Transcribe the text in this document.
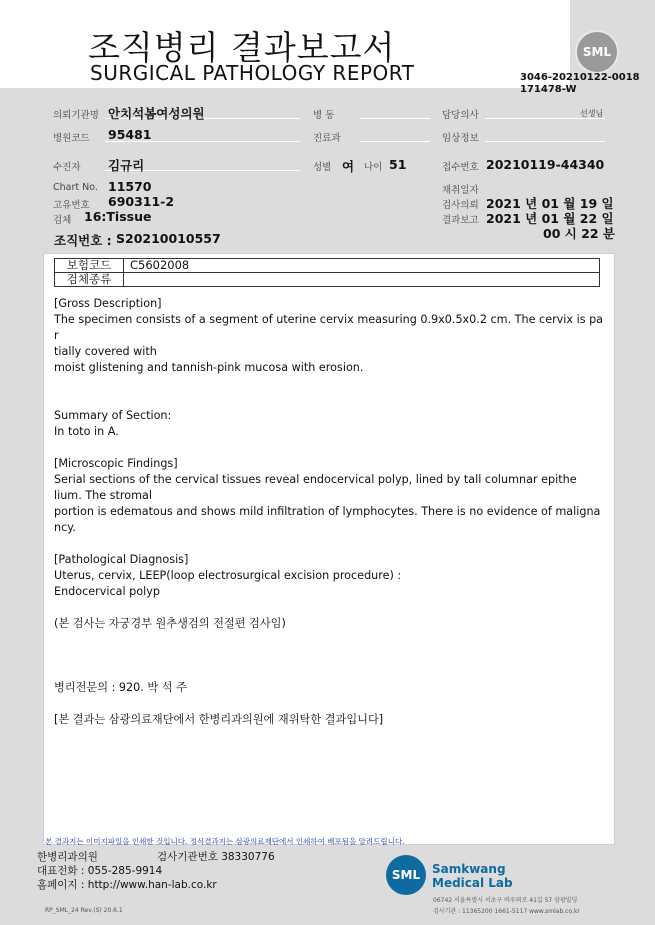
조직병리 결과보고서
SURGICAL PATHOLOGY REPORT
SML
3046-20210122-0018
171478-W
의뢰기관명 안치석봄여성의원	병 동	담당의사	선생님
병원코드 95481	진료과	임상정보
수진자 김규리	성별 여 나이 51	접수번호 20210119-44340
Chart No. 11570
고유번호 690311-2
검체 16:Tissue
채취일자
검사의뢰 2021 년 01 월 19 일
결과보고 2021 년 01 월 22 일
00 시 22 분
조직번호 : S20210010557
보험코드	C5602008
검체종류	

[Gross Description]

The specimen consists of a segment of uterine cervix measuring 0.9x0.5x0.2 cm. The cervix is par
tially covered with
moist glistening and tannish-pink mucosa with erosion.

Summary of Section:

In toto in A.

[Microscopic Findings]

Serial sections of the cervical tissues reveal endocervical polyp, lined by tall columnar epithe
lium. The stromal
portion is edematous and shows mild infiltration of lymphocytes. There is no evidence of maligna
ncy.

[Pathological Diagnosis]

Uterus, cervix, LEEP(loop electrosurgical excision procedure) :
Endocervical polyp

(본 검사는 자궁경부 원추생검의 전절편 검사임)

병리전문의 : 920. 박 석 주

[본 결과는 삼광의료재단에서 한병리과의원에 재위탁한 결과입니다]

본 결과지는 이미지파일을 인쇄한 것입니다. 정식결과지는 삼광의료재단에서 인쇄하여 배포됨을 알려드립니다.
한병리과의원	검사기관번호 38330776
대표전화 : 055-285-9914
홈페이지 : http://www.han-lab.co.kr
RP_SML_24 Rev.(S) 20.6.1
SML Samkwang
Medical Lab
06742 서울특별시 서초구 바우뫼로 41길 57 삼광빌딩
검사기관 : 11365200 1661-5117 www.smlab.co.kr
